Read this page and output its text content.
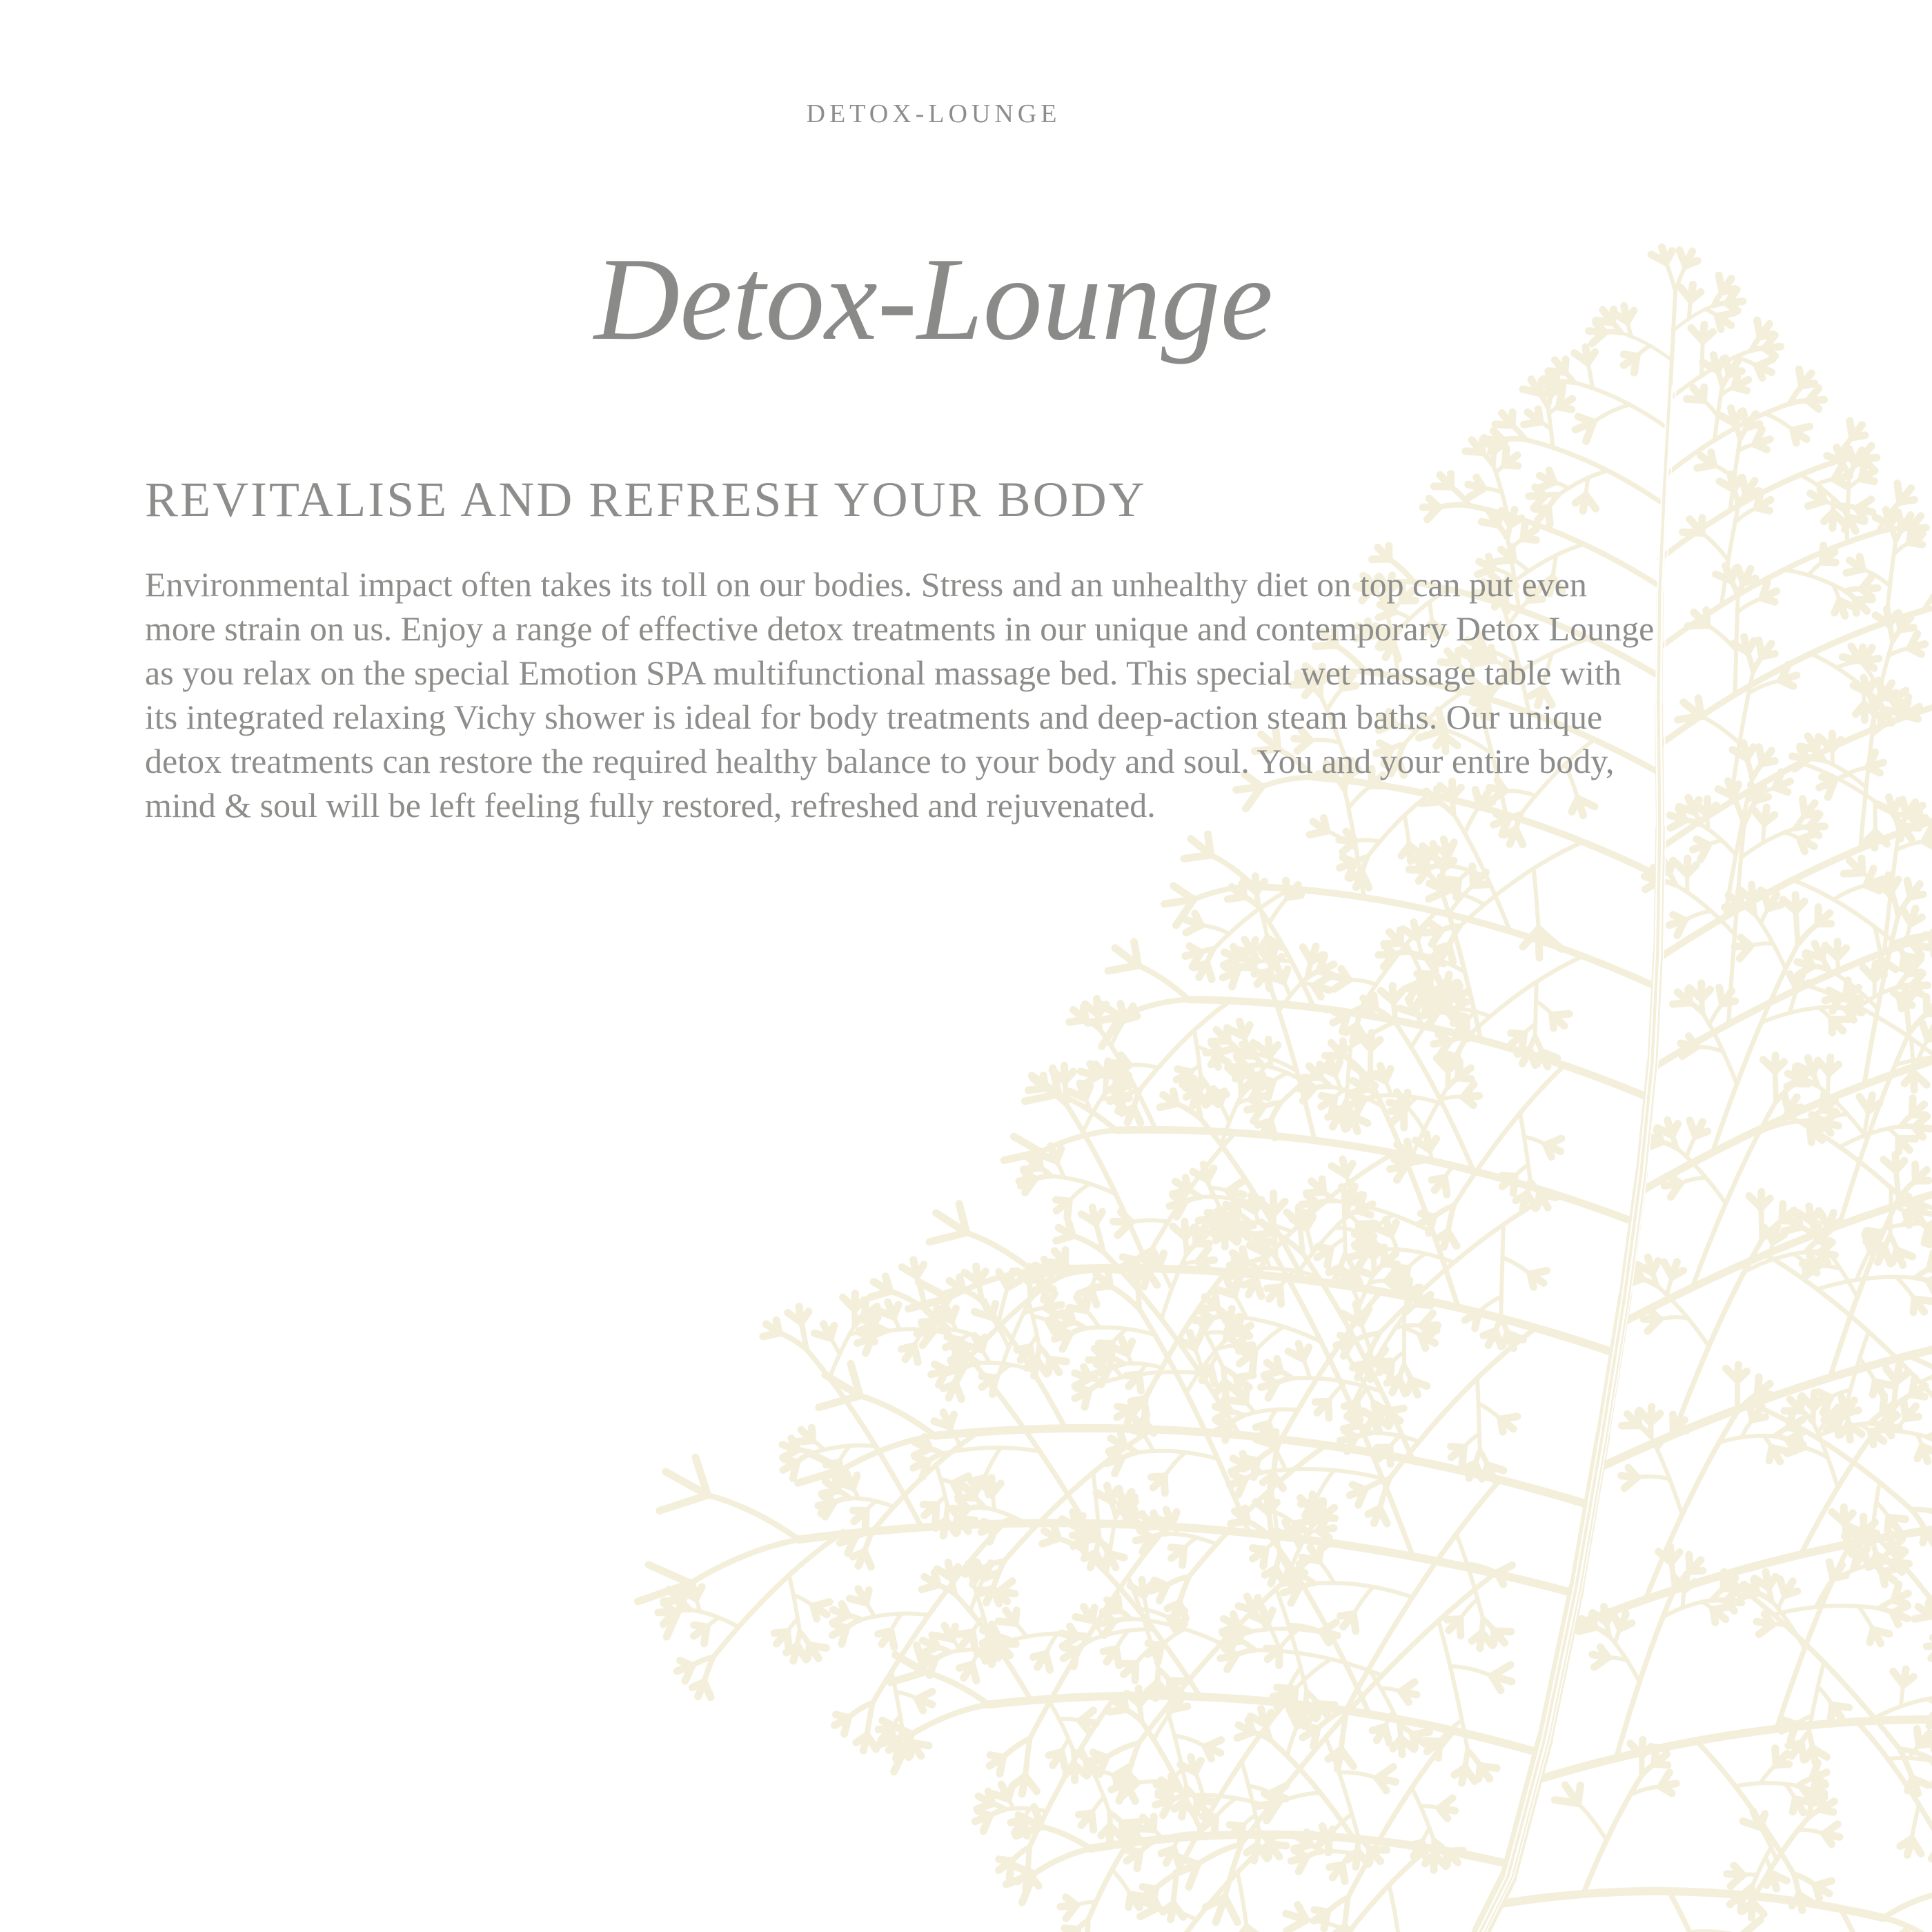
DETOX-LOUNGE
Detox-Lounge
REVITALISE AND REFRESH YOUR BODY
Environmental impact often takes its toll on our bodies. Stress and an unhealthy diet on top can put even
more strain on us. Enjoy a range of effective detox treatments in our unique and contemporary Detox Lounge
as you relax on the special Emotion SPA multifunctional massage bed. This special wet massage table with
its integrated relaxing Vichy shower is ideal for body treatments and deep-action steam baths. Our unique
detox treatments can restore the required healthy balance to your body and soul. You and your entire body,
mind & soul will be left feeling fully restored, refreshed and rejuvenated.
